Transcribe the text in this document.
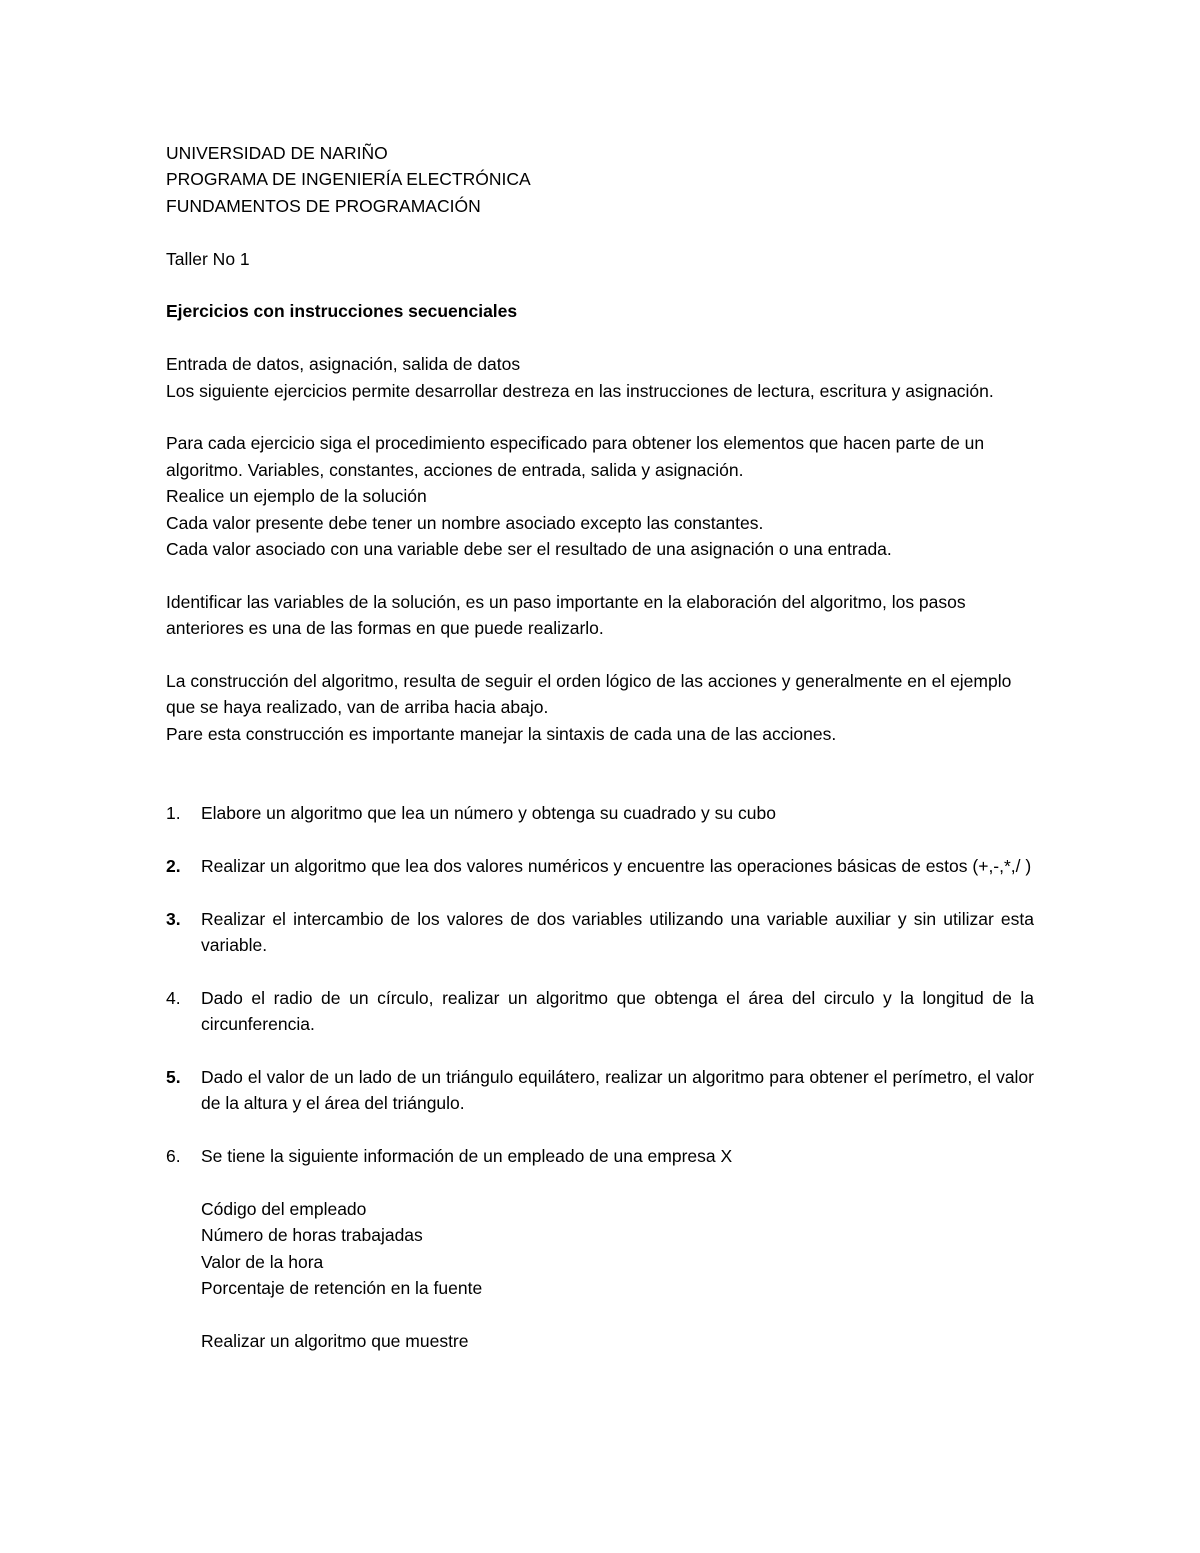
UNIVERSIDAD DE NARIÑO
PROGRAMA DE INGENIERÍA ELECTRÓNICA
FUNDAMENTOS DE PROGRAMACIÓN
Taller No 1
Ejercicios con instrucciones secuenciales
Entrada de datos, asignación, salida de datos

Los siguiente ejercicios permite desarrollar destreza en las instrucciones de lectura, escritura y asignación.

Para cada ejercicio siga el procedimiento especificado para obtener los elementos que hacen parte de un algoritmo. Variables, constantes, acciones de entrada, salida y asignación.

Realice un ejemplo de la solución
Cada valor presente debe tener un nombre asociado excepto las constantes.
Cada valor asociado con una variable debe ser el resultado de una asignación o una entrada.

Identificar las variables de la solución, es un paso importante en la elaboración del algoritmo, los pasos anteriores es una de las formas en que puede realizarlo.

La construcción del algoritmo, resulta de seguir el orden lógico de las acciones y generalmente en el ejemplo que se haya realizado, van de arriba hacia abajo.

Pare esta construcción es importante manejar la sintaxis de cada una de las acciones.
1. Elabore un algoritmo que lea un número y obtenga su cuadrado y su cubo
2. Realizar un algoritmo que lea dos valores numéricos y encuentre las operaciones básicas de estos (+,-,*,/ )
3. Realizar el intercambio de los valores de dos variables utilizando una variable auxiliar y sin utilizar esta variable.
4. Dado el radio de un círculo, realizar un algoritmo que obtenga el área del circulo y la longitud de la circunferencia.
5. Dado el valor de un lado de un triángulo equilátero, realizar un algoritmo para obtener el perímetro, el valor de la altura y el área del triángulo.
6. Se tiene la siguiente información de un empleado de una empresa X
Código del empleado
Número de horas trabajadas
Valor de la hora
Porcentaje de retención en la fuente
Realizar un algoritmo que muestre
